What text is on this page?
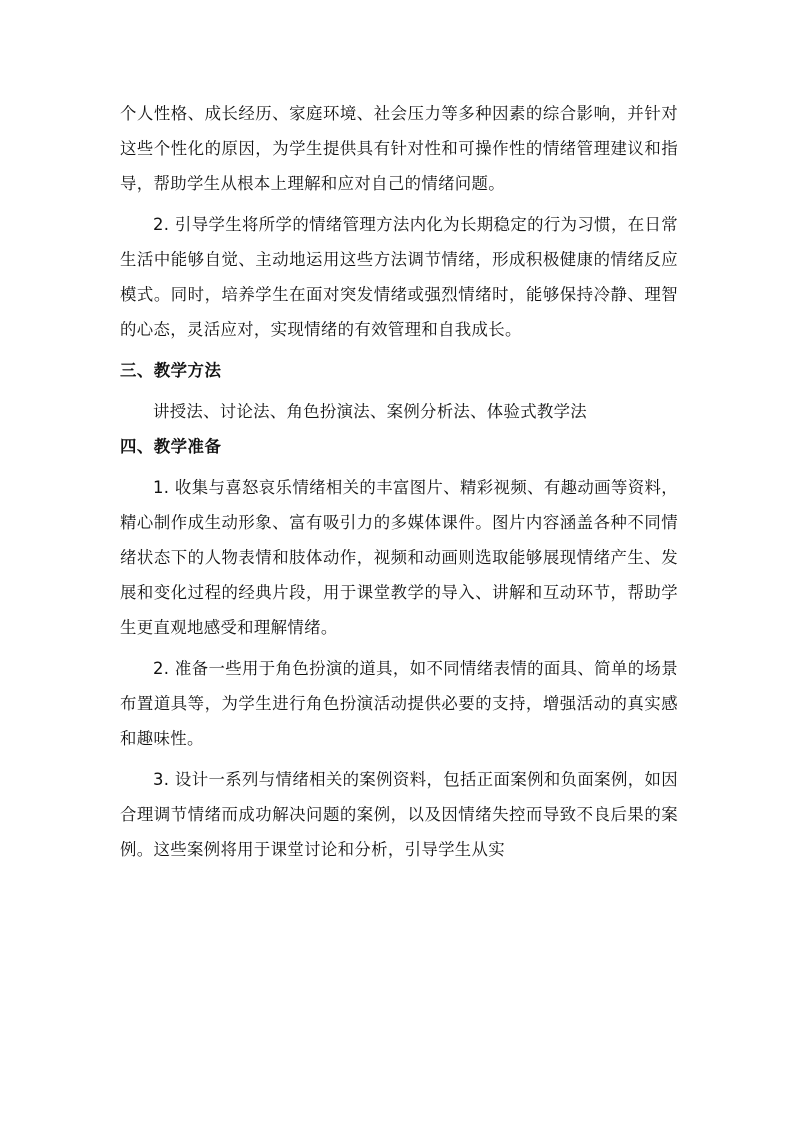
个人性格、成长经历、家庭环境、社会压力等多种因素的综合影响，并针对这些个性化的原因，为学生提供具有针对性和可操作性的情绪管理建议和指导，帮助学生从根本上理解和应对自己的情绪问题。

2. 引导学生将所学的情绪管理方法内化为长期稳定的行为习惯，在日常生活中能够自觉、主动地运用这些方法调节情绪，形成积极健康的情绪反应模式。同时，培养学生在面对突发情绪或强烈情绪时，能够保持冷静、理智的心态，灵活应对，实现情绪的有效管理和自我成长。

三、教学方法

讲授法、讨论法、角色扮演法、案例分析法、体验式教学法

四、教学准备

1. 收集与喜怒哀乐情绪相关的丰富图片、精彩视频、有趣动画等资料，精心制作成生动形象、富有吸引力的多媒体课件。图片内容涵盖各种不同情绪状态下的人物表情和肢体动作，视频和动画则选取能够展现情绪产生、发展和变化过程的经典片段，用于课堂教学的导入、讲解和互动环节，帮助学生更直观地感受和理解情绪。

2. 准备一些用于角色扮演的道具，如不同情绪表情的面具、简单的场景布置道具等，为学生进行角色扮演活动提供必要的支持，增强活动的真实感和趣味性。

3. 设计一系列与情绪相关的案例资料，包括正面案例和负面案例，如因合理调节情绪而成功解决问题的案例，以及因情绪失控而导致不良后果的案例。这些案例将用于课堂讨论和分析，引导学生从实
